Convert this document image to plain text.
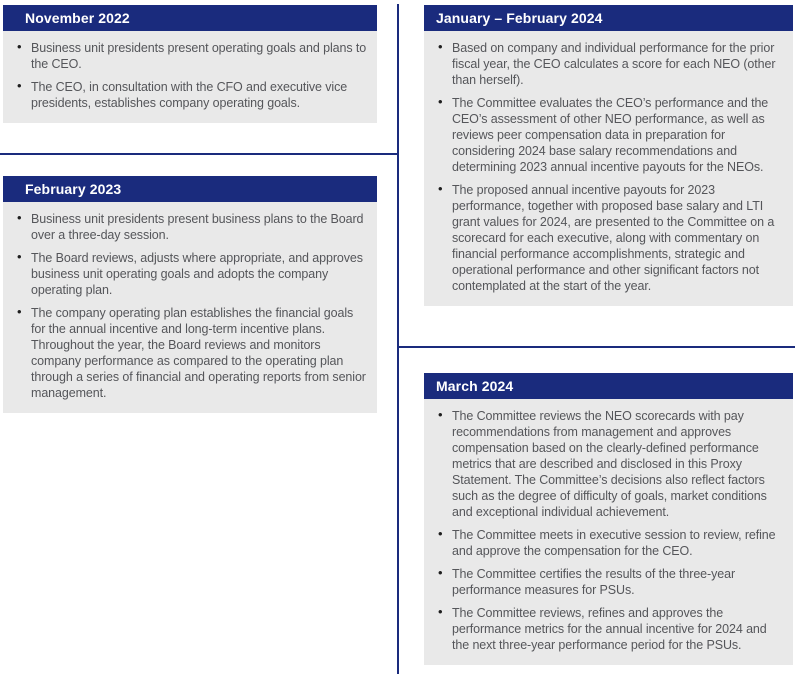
November 2022
• Business unit presidents present operating goals and plans to the CEO.
• The CEO, in consultation with the CFO and executive vice presidents, establishes company operating goals.
February 2023
• Business unit presidents present business plans to the Board over a three-day session.
• The Board reviews, adjusts where appropriate, and approves business unit operating goals and adopts the company operating plan.
• The company operating plan establishes the financial goals for the annual incentive and long-term incentive plans. Throughout the year, the Board reviews and monitors company performance as compared to the operating plan through a series of financial and operating reports from senior management.
January – February 2024
• Based on company and individual performance for the prior fiscal year, the CEO calculates a score for each NEO (other than herself).
• The Committee evaluates the CEO’s performance and the CEO’s assessment of other NEO performance, as well as reviews peer compensation data in preparation for considering 2024 base salary recommendations and determining 2023 annual incentive payouts for the NEOs.
• The proposed annual incentive payouts for 2023 performance, together with proposed base salary and LTI grant values for 2024, are presented to the Committee on a scorecard for each executive, along with commentary on financial performance accomplishments, strategic and operational performance and other significant factors not contemplated at the start of the year.
March 2024
• The Committee reviews the NEO scorecards with pay recommendations from management and approves compensation based on the clearly-defined performance metrics that are described and disclosed in this Proxy Statement. The Committee’s decisions also reflect factors such as the degree of difficulty of goals, market conditions and exceptional individual achievement.
• The Committee meets in executive session to review, refine and approve the compensation for the CEO.
• The Committee certifies the results of the three-year performance measures for PSUs.
• The Committee reviews, refines and approves the performance metrics for the annual incentive for 2024 and the next three-year performance period for the PSUs.
